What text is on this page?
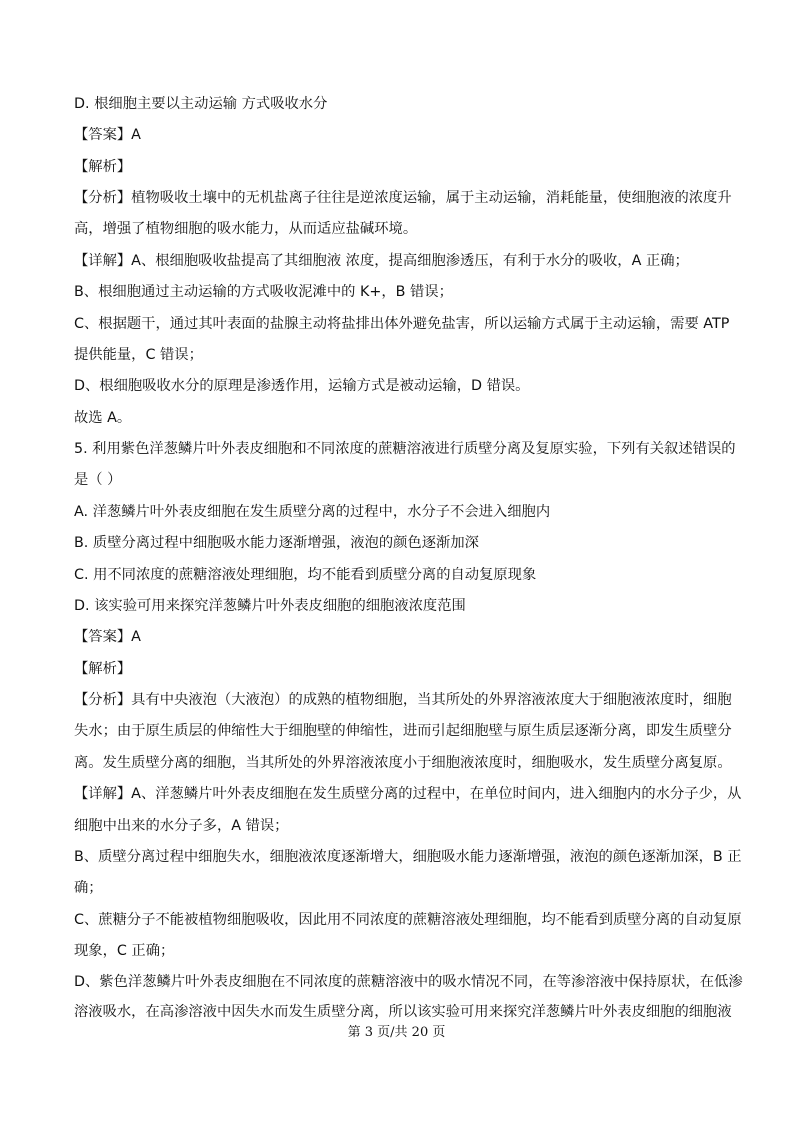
D. 根细胞主要以主动运输 方式吸收水分
【答案】A
【解析】
【分析】植物吸收土壤中的无机盐离子往往是逆浓度运输，属于主动运输，消耗能量，使细胞液的浓度升
高，增强了植物细胞的吸水能力，从而适应盐碱环境。
【详解】A、根细胞吸收盐提高了其细胞液 浓度，提高细胞渗透压，有利于水分的吸收，A 正确；
B、根细胞通过主动运输的方式吸收泥滩中的 K+，B 错误；
C、根据题干，通过其叶表面的盐腺主动将盐排出体外避免盐害，所以运输方式属于主动运输，需要 ATP
提供能量，C 错误；
D、根细胞吸收水分的原理是渗透作用，运输方式是被动运输，D 错误。
故选 A。
5. 利用紫色洋葱鳞片叶外表皮细胞和不同浓度的蔗糖溶液进行质壁分离及复原实验，下列有关叙述错误的
是（ ）
A. 洋葱鳞片叶外表皮细胞在发生质壁分离的过程中，水分子不会进入细胞内
B. 质壁分离过程中细胞吸水能力逐渐增强，液泡的颜色逐渐加深
C. 用不同浓度的蔗糖溶液处理细胞，均不能看到质壁分离的自动复原现象
D. 该实验可用来探究洋葱鳞片叶外表皮细胞的细胞液浓度范围
【答案】A
【解析】
【分析】具有中央液泡（大液泡）的成熟的植物细胞，当其所处的外界溶液浓度大于细胞液浓度时，细胞
失水；由于原生质层的伸缩性大于细胞壁的伸缩性，进而引起细胞壁与原生质层逐渐分离，即发生质壁分
离。发生质壁分离的细胞，当其所处的外界溶液浓度小于细胞液浓度时，细胞吸水，发生质壁分离复原。
【详解】A、洋葱鳞片叶外表皮细胞在发生质壁分离的过程中，在单位时间内，进入细胞内的水分子少，从
细胞中出来的水分子多，A 错误；
B、质壁分离过程中细胞失水，细胞液浓度逐渐增大，细胞吸水能力逐渐增强，液泡的颜色逐渐加深，B 正
确；
C、蔗糖分子不能被植物细胞吸收，因此用不同浓度的蔗糖溶液处理细胞，均不能看到质壁分离的自动复原
现象，C 正确；
D、紫色洋葱鳞片叶外表皮细胞在不同浓度的蔗糖溶液中的吸水情况不同，在等渗溶液中保持原状，在低渗
溶液吸水，在高渗溶液中因失水而发生质壁分离，所以该实验可用来探究洋葱鳞片叶外表皮细胞的细胞液
第 3 页/共 20 页
